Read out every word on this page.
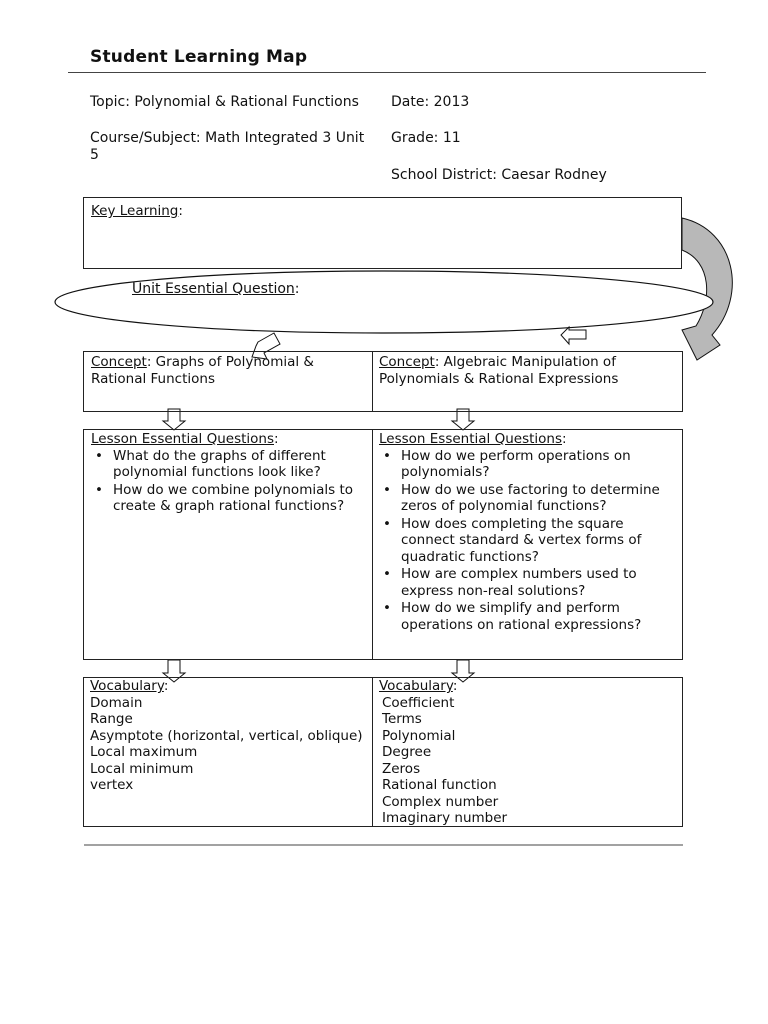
Student Learning Map
Topic: Polynomial & Rational Functions
Course/Subject: Math Integrated 3 Unit 5
Date: 2013
Grade: 11
School District: Caesar Rodney
Key Learning:
Unit Essential Question:
Concept: Graphs of Polynomial & Rational Functions
Concept: Algebraic Manipulation of Polynomials & Rational Expressions
Lesson Essential Questions:
• What do the graphs of different polynomial functions look like?
• How do we combine polynomials to create & graph rational functions?
Lesson Essential Questions:
• How do we perform operations on polynomials?
• How do we use factoring to determine zeros of polynomial functions?
• How does completing the square connect standard & vertex forms of quadratic functions?
• How are complex numbers used to express non-real solutions?
• How do we simplify and perform operations on rational expressions?
Vocabulary:
Domain
Range
Asymptote (horizontal, vertical, oblique)
Local maximum
Local minimum
vertex
Vocabulary:
Coefficient
Terms
Polynomial
Degree
Zeros
Rational function
Complex number
Imaginary number
